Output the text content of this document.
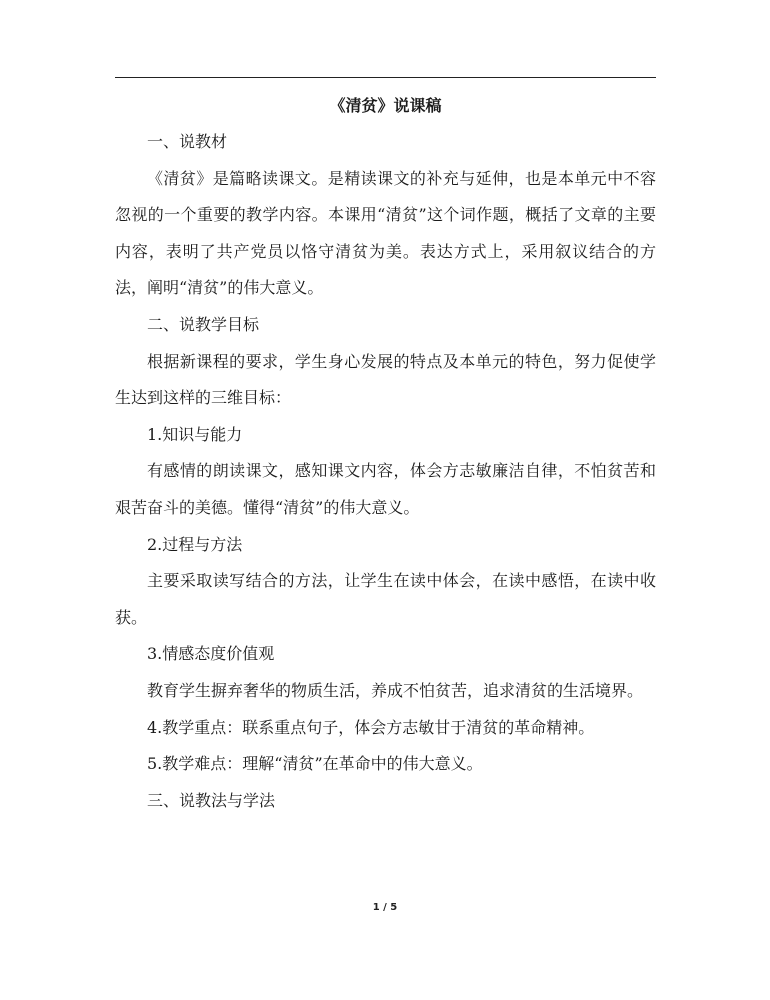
《清贫》说课稿

一、说教材

《清贫》是篇略读课文。是精读课文的补充与延伸，也是本单元中不容忽视的一个重要的教学内容。本课用“清贫”这个词作题，概括了文章的主要内容，表明了共产党员以恪守清贫为美。表达方式上，采用叙议结合的方法，阐明“清贫”的伟大意义。

二、说教学目标

根据新课程的要求，学生身心发展的特点及本单元的特色，努力促使学生达到这样的三维目标：

1.知识与能力

有感情的朗读课文，感知课文内容，体会方志敏廉洁自律，不怕贫苦和艰苦奋斗的美德。懂得“清贫”的伟大意义。

2.过程与方法

主要采取读写结合的方法，让学生在读中体会，在读中感悟，在读中收获。

3.情感态度价值观

教育学生摒弃奢华的物质生活，养成不怕贫苦，追求清贫的生活境界。

4.教学重点：联系重点句子，体会方志敏甘于清贫的革命精神。

5.教学难点：理解“清贫”在革命中的伟大意义。

三、说教法与学法

1 / 5
